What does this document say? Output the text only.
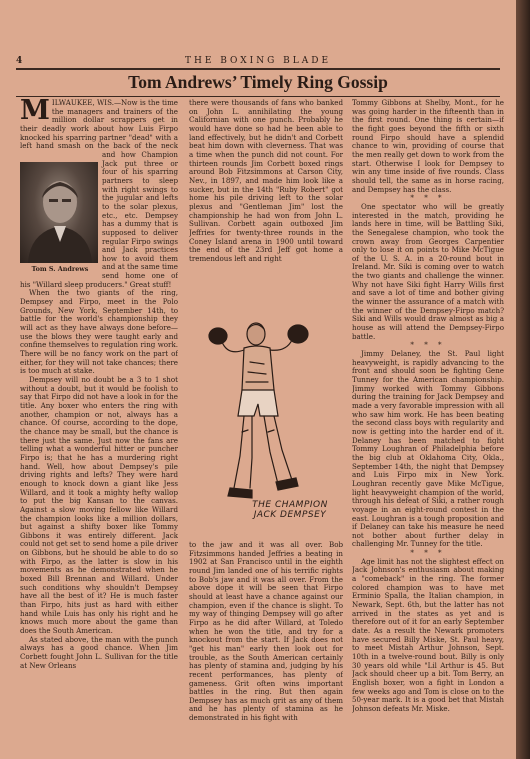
4	THE BOXING BLADE
Tom Andrews’ Timely Ring Gossip
M ILWAUKEE, WIS.—Now is the time the managers and trainers of the million dollar scrappers get in their deadly work about how Luis Firpo knocked his sparring partner "dead" with a left hand smash on the back of the neck and how Champion Jack put three or four of his sparring partners to sleep with right swings to the jugular and lefts to the solar plexus, etc., etc. Dempsey has a dummy that is supposed to deliver regular Firpo swings and Jack practices how to avoid them and at the same time send home one of his "Willard sleep producers." Great stuff!

When the two giants of the ring, Dempsey and Firpo, meet in the Polo Grounds, New York, September 14th, to battle for the world's championship they will act as they have always done before—use the blows they were taught early and confine themselves to regulation ring work. There will be no fancy work on the part of either, for they will not take chances; there is too much at stake.

Dempsey will no doubt be a 3 to 1 shot without a doubt, but it would be foolish to say that Firpo did not have a look in for the title. Any boxer who enters the ring with another, champion or not, always has a chance. Of course, according to the dope, the chance may be small, but the chance is there just the same. Just now the fans are telling what a wonderful hitter or puncher Firpo is; that he has a murdering right hand. Well, how about Dempsey's pile driving rights and lefts? They were hard enough to knock down a giant like Jess Willard, and it took a mighty hefty wallop to put the big Kansan to the canvas. Against a slow moving fellow like Willard the champion looks like a million dollars, but against a shifty boxer like Tommy Gibbons it was entirely different. Jack could not get set to send home a pile driver on Gibbons, but he should be able to do so with Firpo, as the latter is slow in his movements as he demonstrated when he boxed Bill Brennan and Willard. Under such conditions why shouldn't Dempsey have all the best of it? He is much faster than Firpo, hits just as hard with either hand while Luis has only his right and he knows much more about the game than does the South American.

As stated above, the man with the punch always has a good chance. When Jim Corbett fought John L. Sullivan for the title at New Orleans

Tom S. Andrews

there were thousands of fans who banked on John L. annihilating the young Californian with one punch. Probably he would have done so had he been able to land effectively, but he didn't and Corbett beat him down with cleverness. That was a time when the punch did not count. For thirteen rounds Jim Corbett boxed rings around Bob Fitzsimmons at Carson City, Nev., in 1897, and made him look like a sucker, but in the 14th "Ruby Robert" got home his pile driving left to the solar plexus and "Gentleman Jim" lost the championship he had won from John L. Sullivan. Corbett again outboxed Jim Jeffries for twenty-three rounds in the Coney Island arena in 1900 until toward the end of the 23rd Jeff got home a tremendous left and right

THE CHAMPION
JACK DEMPSEY

to the jaw and it was all over. Bob Fitzsimmons handed Jeffries a beating in 1902 at San Francisco until in the eighth round Jim landed one of his terrific rights to Bob's jaw and it was all over. From the above dope it will be seen that Firpo should at least have a chance against our champion, even if the chance is slight. To my way of thinging Dempsey will go after Firpo as he did after Willard, at Toledo when he won the title, and try for a knockout from the start. If Jack does not "get his man" early then look out for trouble, as the South American certainly has plenty of stamina and, judging by his recent performances, has plenty of gameness. Grit often wins important battles in the ring. But then again Dempsey has as much grit as any of them and he has plenty of stamina as he demonstrated in his fight with

Tommy Gibbons at Shelby, Mont., for he was going harder in the fifteenth than in the first round. One thing is certain—if the fight goes beyond the fifth or sixth round Firpo should have a splendid chance to win, providing of course that the men really get down to work from the start. Otherwise I look for Dempsey to win any time inside of five rounds. Class should tell, the same as in horse racing, and Dempsey has the class.

* * *

One spectator who will be greatly interested in the match, providing he lands here in time, will be Battling Siki, the Senegalese champion, who took the crown away from Georges Carpentier only to lose it on points to Mike McTigue of the U. S. A. in a 20-round bout in Ireland. Mr. Siki is coming over to watch the two giants and challenge the winner. Why not have Siki fight Harry Wills first and save a lot of time and bother giving the winner the assurance of a match with the winner of the Dempsey-Firpo match? Siki and Wills would draw almost as big a house as will attend the Dempsey-Firpo battle.

* * *

Jimmy Delaney, the St. Paul light heavyweight, is rapidly advancing to the front and should soon be fighting Gene Tunney for the American championship. Jimmy worked with Tommy Gibbons during the training for Jack Dempsey and made a very favorable impression with all who saw him work. He has been beating the second class boys with regularity and now is getting into the harder end of it. Delaney has been matched to fight Tommy Loughran of Philadelphia before the big club at Oklahoma City, Okla., September 14th, the night that Dempsey and Luis Firpo mix in New York. Loughran recently gave Mike McTigue, light heavyweight champion of the world, through his defeat of Siki, a rather rough voyage in an eight-round contest in the east. Loughran is a tough proposition and if Delaney can take his measure he need not bother about further delay in challenging Mr. Tunney for the title.

* * *

Age limit has not the slightest effect on Jack Johnson's enthusiasm about making a "comeback" in the ring. The former colored champion was to have met Erminio Spalla, the Italian champion, in Newark, Sept. 6th, but the latter has not arrived in the states as yet and is therefore out of it for an early September date. As a result the Newark promoters have secured Billy Miske, St. Paul heavy, to meet Mistah Arthur Johnson, Sept. 10th in a twelve-round bout. Billy is only 30 years old while "Lil Arthur is 45. But Jack should cheer up a bit. Tom Berry, an English boxer, won a fight in London a few weeks ago and Tom is close on to the 50-year mark. It is a good bet that Mistah Johnson defeats Mr. Miske.
